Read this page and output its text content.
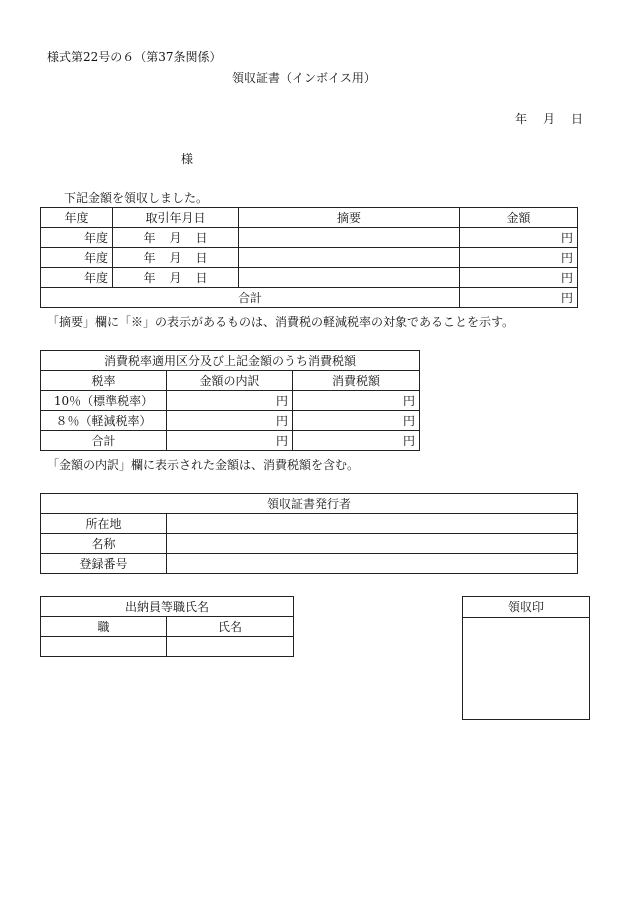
様式第22号の６（第37条関係）
領収証書（インボイス用）
年 月 日
様
下記金額を領収しました。
年度	取引年月日	摘要	金額
年度	年 月 日		円
年度	年 月 日		円
年度	年 月 日		円
合計			円
「摘要」欄に「※」の表示があるものは、消費税の軽減税率の対象であることを示す。
消費税率適用区分及び上記金額のうち消費税額		
税率	金額の内訳	消費税額
10％（標準税率）	円	円
８％（軽減税率）	円	円
合計	円	円
「金額の内訳」欄に表示された金額は、消費税額を含む。
領収証書発行者	
所在地	
名称	
登録番号	
出納員等職氏名	
職	氏名

領収印
